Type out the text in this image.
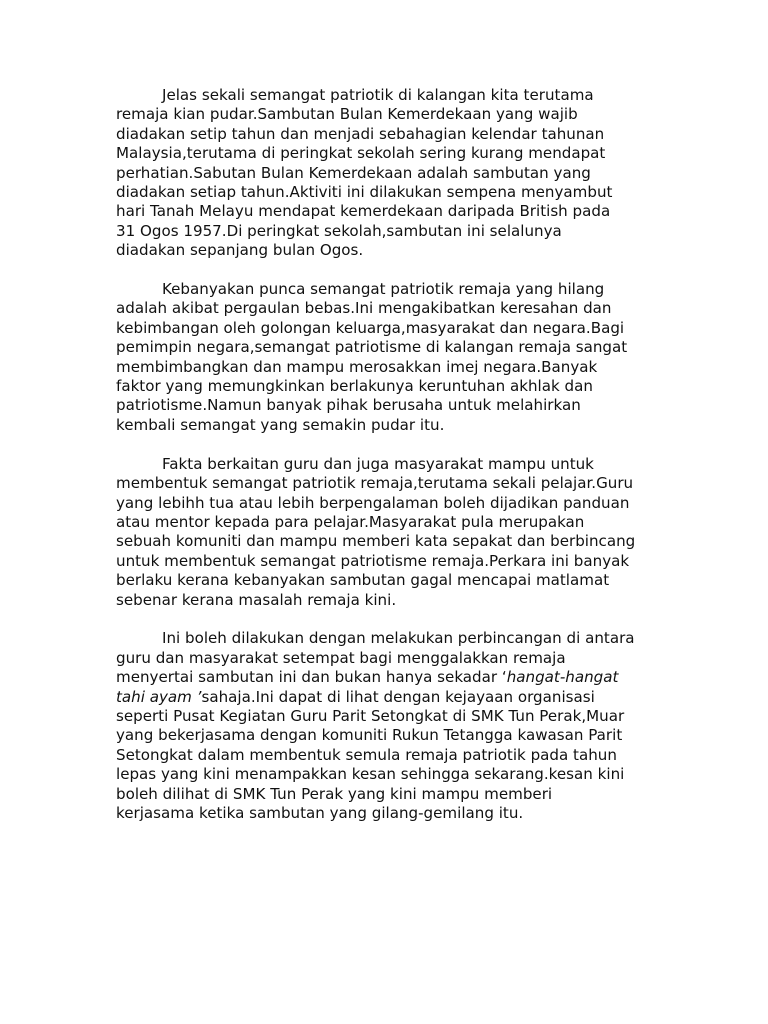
Jelas sekali semangat patriotik di kalangan kita terutama
remaja kian pudar.Sambutan Bulan Kemerdekaan yang wajib
diadakan setip tahun dan menjadi sebahagian kelendar tahunan
Malaysia,terutama di peringkat sekolah sering kurang mendapat
perhatian.Sabutan Bulan Kemerdekaan adalah sambutan yang
diadakan setiap tahun.Aktiviti ini dilakukan sempena menyambut
hari Tanah Melayu mendapat kemerdekaan daripada British pada
31 Ogos 1957.Di peringkat sekolah,sambutan ini selalunya
diadakan sepanjang bulan Ogos.

Kebanyakan punca semangat patriotik remaja yang hilang
adalah akibat pergaulan bebas.Ini mengakibatkan keresahan dan
kebimbangan oleh golongan keluarga,masyarakat dan negara.Bagi
pemimpin negara,semangat patriotisme di kalangan remaja sangat
membimbangkan dan mampu merosakkan imej negara.Banyak
faktor yang memungkinkan berlakunya keruntuhan akhlak dan
patriotisme.Namun banyak pihak berusaha untuk melahirkan
kembali semangat yang semakin pudar itu.

Fakta berkaitan guru dan juga masyarakat mampu untuk
membentuk semangat patriotik remaja,terutama sekali pelajar.Guru
yang lebihh tua atau lebih berpengalaman boleh dijadikan panduan
atau mentor kepada para pelajar.Masyarakat pula merupakan
sebuah komuniti dan mampu memberi kata sepakat dan berbincang
untuk membentuk semangat patriotisme remaja.Perkara ini banyak
berlaku kerana kebanyakan sambutan gagal mencapai matlamat
sebenar kerana masalah remaja kini.

Ini boleh dilakukan dengan melakukan perbincangan di antara
guru dan masyarakat setempat bagi menggalakkan remaja
menyertai sambutan ini dan bukan hanya sekadar ‘hangat-hangat
tahi ayam ’sahaja.Ini dapat di lihat dengan kejayaan organisasi
seperti Pusat Kegiatan Guru Parit Setongkat di SMK Tun Perak,Muar
yang bekerjasama dengan komuniti Rukun Tetangga kawasan Parit
Setongkat dalam membentuk semula remaja patriotik pada tahun
lepas yang kini menampakkan kesan sehingga sekarang.kesan kini
boleh dilihat di SMK Tun Perak yang kini mampu memberi
kerjasama ketika sambutan yang gilang-gemilang itu.
